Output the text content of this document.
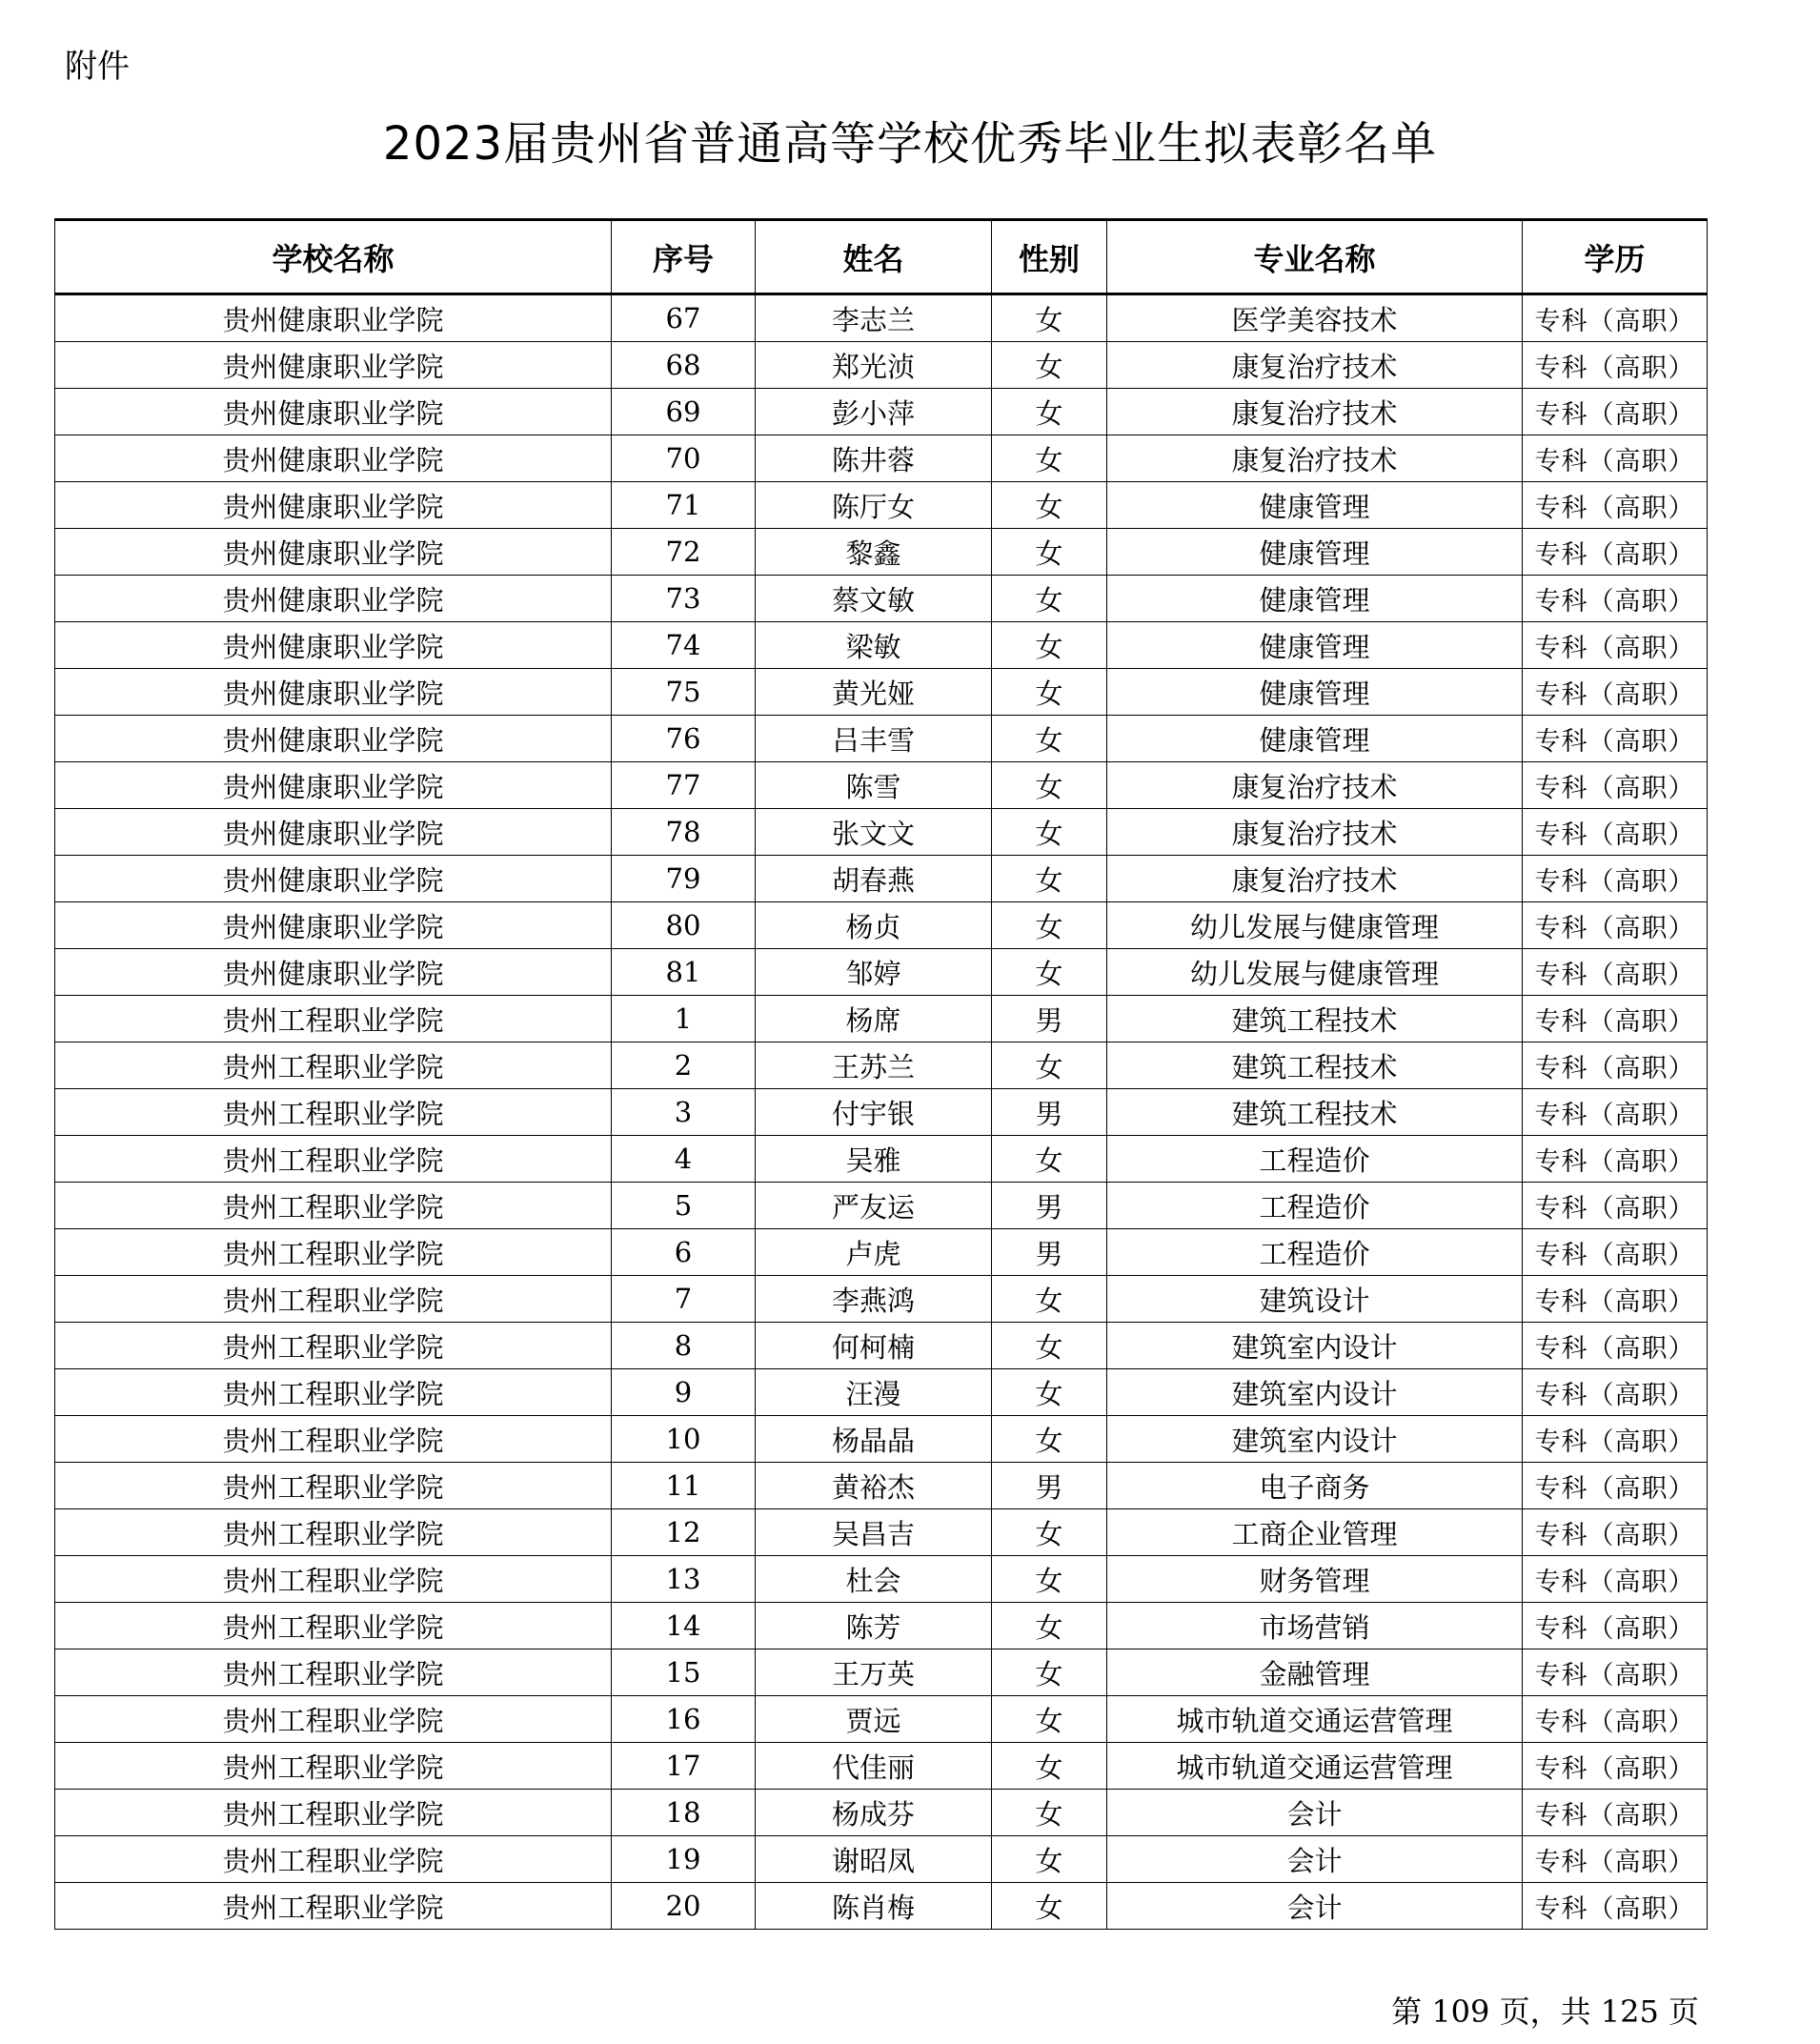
附件
2023届贵州省普通高等学校优秀毕业生拟表彰名单
学校名称	序号	姓名	性别	专业名称	学历
贵州健康职业学院	67	李志兰	女	医学美容技术	专科（高职）
贵州健康职业学院	68	郑光浈	女	康复治疗技术	专科（高职）
贵州健康职业学院	69	彭小萍	女	康复治疗技术	专科（高职）
贵州健康职业学院	70	陈井蓉	女	康复治疗技术	专科（高职）
贵州健康职业学院	71	陈厅女	女	健康管理	专科（高职）
贵州健康职业学院	72	黎鑫	女	健康管理	专科（高职）
贵州健康职业学院	73	蔡文敏	女	健康管理	专科（高职）
贵州健康职业学院	74	梁敏	女	健康管理	专科（高职）
贵州健康职业学院	75	黄光娅	女	健康管理	专科（高职）
贵州健康职业学院	76	吕丰雪	女	健康管理	专科（高职）
贵州健康职业学院	77	陈雪	女	康复治疗技术	专科（高职）
贵州健康职业学院	78	张文文	女	康复治疗技术	专科（高职）
贵州健康职业学院	79	胡春燕	女	康复治疗技术	专科（高职）
贵州健康职业学院	80	杨贞	女	幼儿发展与健康管理	专科（高职）
贵州健康职业学院	81	邹婷	女	幼儿发展与健康管理	专科（高职）
贵州工程职业学院	1	杨席	男	建筑工程技术	专科（高职）
贵州工程职业学院	2	王苏兰	女	建筑工程技术	专科（高职）
贵州工程职业学院	3	付宇银	男	建筑工程技术	专科（高职）
贵州工程职业学院	4	吴雅	女	工程造价	专科（高职）
贵州工程职业学院	5	严友运	男	工程造价	专科（高职）
贵州工程职业学院	6	卢虎	男	工程造价	专科（高职）
贵州工程职业学院	7	李燕鸿	女	建筑设计	专科（高职）
贵州工程职业学院	8	何柯楠	女	建筑室内设计	专科（高职）
贵州工程职业学院	9	汪漫	女	建筑室内设计	专科（高职）
贵州工程职业学院	10	杨晶晶	女	建筑室内设计	专科（高职）
贵州工程职业学院	11	黄裕杰	男	电子商务	专科（高职）
贵州工程职业学院	12	吴昌吉	女	工商企业管理	专科（高职）
贵州工程职业学院	13	杜会	女	财务管理	专科（高职）
贵州工程职业学院	14	陈芳	女	市场营销	专科（高职）
贵州工程职业学院	15	王万英	女	金融管理	专科（高职）
贵州工程职业学院	16	贾远	女	城市轨道交通运营管理	专科（高职）
贵州工程职业学院	17	代佳丽	女	城市轨道交通运营管理	专科（高职）
贵州工程职业学院	18	杨成芬	女	会计	专科（高职）
贵州工程职业学院	19	谢昭凤	女	会计	专科（高职）
贵州工程职业学院	20	陈肖梅	女	会计	专科（高职）
第 109 页，共 125 页
